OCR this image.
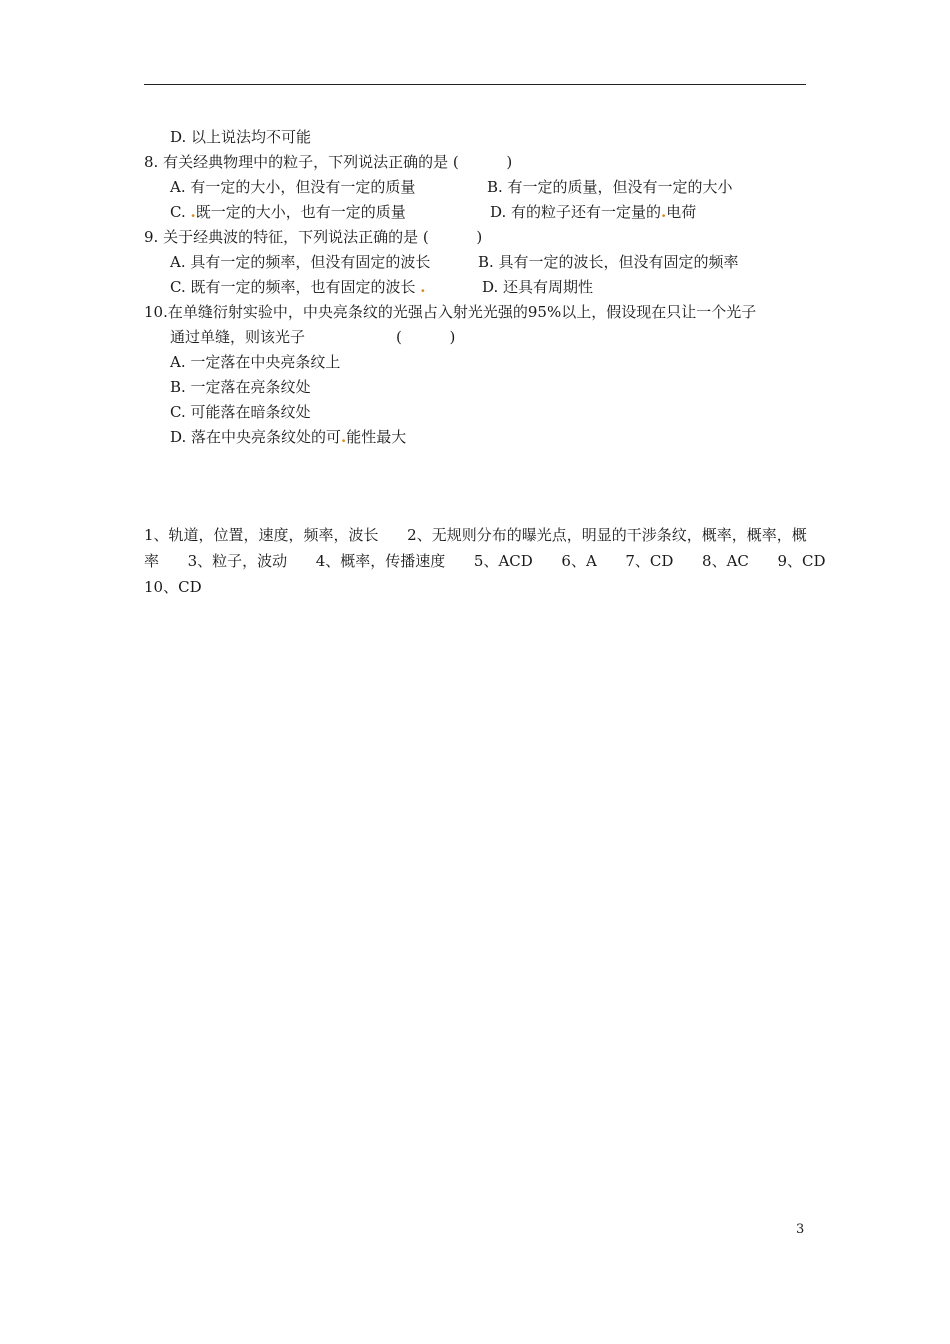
D. 以上说法均不可能
8. 有关经典物理中的粒子，下列说法正确的是 (          )
A. 有一定的大小，但没有一定的质量	B. 有一定的质量，但没有一定的大小
C. .既一定的大小，也有一定的质量	D. 有的粒子还有一定量的.电荷
9. 关于经典波的特征，下列说法正确的是 (          )
A. 具有一定的频率，但没有固定的波长	B. 具有一定的波长，但没有固定的频率
C. 既有一定的频率，也有固定的波长 .	D. 还具有周期性
10.在单缝衍射实验中，中央亮条纹的光强占入射光光强的95%以上，假设现在只让一个光子
通过单缝，则该光子	(          )
A. 一定落在中央亮条纹上
B. 一定落在亮条纹处
C. 可能落在暗条纹处
D. 落在中央亮条纹处的可.能性最大
1、轨道，位置，速度，频率，波长      2、无规则分布的曝光点，明显的干涉条纹，概率，概率，概
率      3、粒子，波动      4、概率，传播速度      5、ACD      6、A      7、CD      8、AC      9、CD
10、CD
3
